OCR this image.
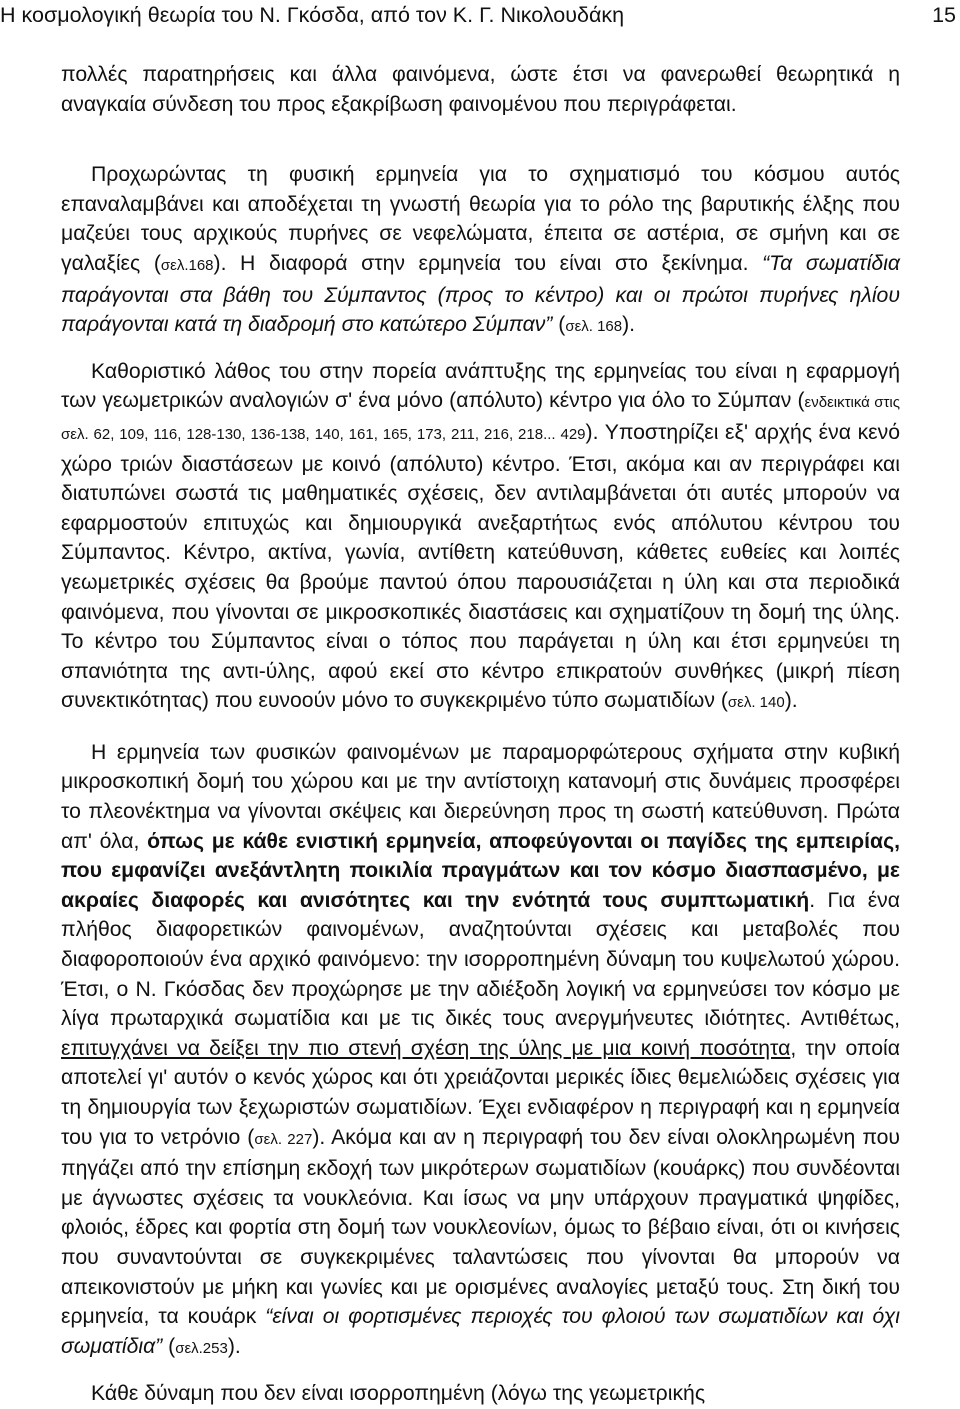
Η κοσμολογική θεωρία του Ν. Γκόσδα, από τον Κ. Γ. Νικολουδάκη	15

πολλές παρατηρήσεις και άλλα φαινόμενα, ώστε έτσι να φανερωθεί θεωρητικά η αναγκαία σύνδεση του προς εξακρίβωση φαινομένου που περιγράφεται.

Προχωρώντας τη φυσική ερμηνεία για το σχηματισμό του κόσμου αυτός επαναλαμβάνει και αποδέχεται τη γνωστή θεωρία για το ρόλο της βαρυτικής έλξης που μαζεύει τους αρχικούς πυρήνες σε νεφελώματα, έπειτα σε αστέρια, σε σμήνη και σε γαλαξίες (σελ.168). Η διαφορά στην ερμηνεία του είναι στο ξεκίνημα. “Τα σωματίδια παράγονται στα βάθη του Σύμπαντος (προς το κέντρο) και οι πρώτοι πυρήνες ηλίου παράγονται κατά τη διαδρομή στο κατώτερο Σύμπαν” (σελ. 168).

Καθοριστικό λάθος του στην πορεία ανάπτυξης της ερμηνείας του είναι η εφαρμογή των γεωμετρικών αναλογιών σ' ένα μόνο (απόλυτο) κέντρο για όλο το Σύμπαν (ενδεικτικά στις σελ. 62, 109, 116, 128-130, 136-138, 140, 161, 165, 173, 211, 216, 218... 429). Υποστηρίζει εξ' αρχής ένα κενό χώρο τριών διαστάσεων με κοινό (απόλυτο) κέντρο. Έτσι, ακόμα και αν περιγράφει και διατυπώνει σωστά τις μαθηματικές σχέσεις, δεν αντιλαμβάνεται ότι αυτές μπορούν να εφαρμοστούν επιτυχώς και δημιουργικά ανεξαρτήτως ενός απόλυτου κέντρου του Σύμπαντος. Κέντρο, ακτίνα, γωνία, αντίθετη κατεύθυνση, κάθετες ευθείες και λοιπές γεωμετρικές σχέσεις θα βρούμε παντού όπου παρουσιάζεται η ύλη και στα περιοδικά φαινόμενα, που γίνονται σε μικροσκοπικές διαστάσεις και σχηματίζουν τη δομή της ύλης. Το κέντρο του Σύμπαντος είναι ο τόπος που παράγεται η ύλη και έτσι ερμηνεύει τη σπανιότητα της αντι-ύλης, αφού εκεί στο κέντρο επικρατούν συνθήκες (μικρή πίεση συνεκτικότητας) που ευνοούν μόνο το συγκεκριμένο τύπο σωματιδίων (σελ. 140).

Η ερμηνεία των φυσικών φαινομένων με παραμορφώτερους σχήματα στην κυβική μικροσκοπική δομή του χώρου και με την αντίστοιχη κατανομή στις δυνάμεις προσφέρει το πλεονέκτημα να γίνονται σκέψεις και διερεύνηση προς τη σωστή κατεύθυνση. Πρώτα απ' όλα, όπως με κάθε ενιστική ερμηνεία, αποφεύγονται οι παγίδες της εμπειρίας, που εμφανίζει ανεξάντλητη ποικιλία πραγμάτων και τον κόσμο διασπασμένο, με ακραίες διαφορές και ανισότητες και την ενότητά τους συμπτωματική. Για ένα πλήθος διαφορετικών φαινομένων, αναζητούνται σχέσεις και μεταβολές που διαφοροποιούν ένα αρχικό φαινόμενο: την ισορροπημένη δύναμη του κυψελωτού χώρου. Έτσι, ο Ν. Γκόσδας δεν προχώρησε με την αδιέξοδη λογική να ερμηνεύσει τον κόσμο με λίγα πρωταρχικά σωματίδια και με τις δικές τους ανεργμήνευτες ιδιότητες. Αντιθέτως, επιτυγχάνει να δείξει την πιο στενή σχέση της ύλης με μια κοινή ποσότητα, την οποία αποτελεί γι' αυτόν ο κενός χώρος και ότι χρειάζονται μερικές ίδιες θεμελιώδεις σχέσεις για τη δημιουργία των ξεχωριστών σωματιδίων. Έχει ενδιαφέρον η περιγραφή και η ερμηνεία του για το νετρόνιο (σελ. 227). Ακόμα και αν η περιγραφή του δεν είναι ολοκληρωμένη που πηγάζει από την επίσημη εκδοχή των μικρότερων σωματιδίων (κουάρκς) που συνδέονται με άγνωστες σχέσεις τα νουκλεόνια. Και ίσως να μην υπάρχουν πραγματικά ψηφίδες, φλοιός, έδρες και φορτία στη δομή των νουκλεονίων, όμως το βέβαιο είναι, ότι οι κινήσεις που συναντούνται σε συγκεκριμένες ταλαντώσεις που γίνονται θα μπορούν να απεικονιστούν με μήκη και γωνίες και με ορισμένες αναλογίες μεταξύ τους. Στη δική του ερμηνεία, τα κουάρκ “είναι οι φορτισμένες περιοχές του φλοιού των σωματιδίων και όχι σωματίδια” (σελ.253).

Κάθε δύναμη που δεν είναι ισορροπημένη (λόγω της γεωμετρικής
